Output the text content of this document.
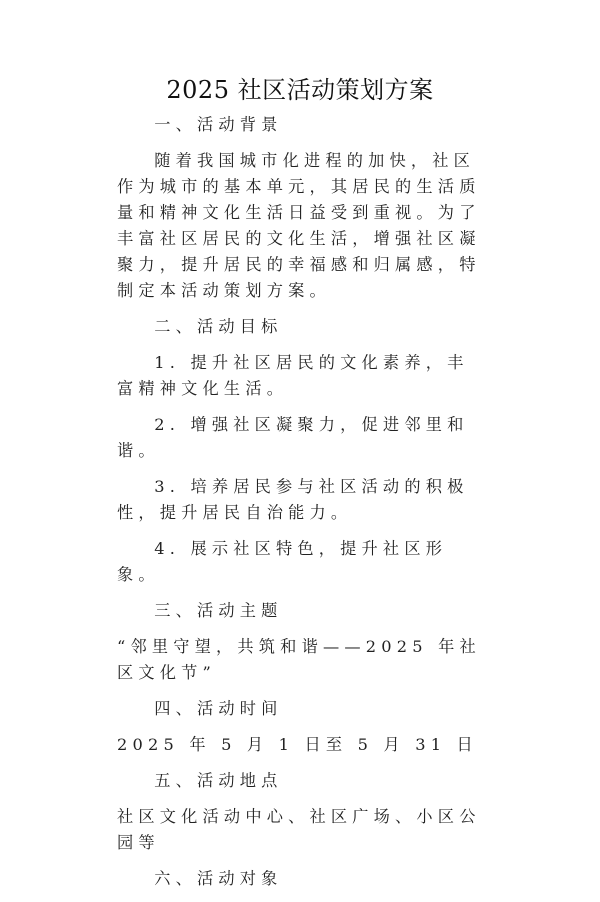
2025 社区活动策划方案

一、活动背景

随着我国城市化进程的加快，社区作为城市的基本单元，其居民的生活质量和精神文化生活日益受到重视。为了丰富社区居民的文化生活，增强社区凝聚力，提升居民的幸福感和归属感，特制定本活动策划方案。

二、活动目标

1. 提升社区居民的文化素养，丰富精神文化生活。

2. 增强社区凝聚力，促进邻里和谐。

3. 培养居民参与社区活动的积极性，提升居民自治能力。

4. 展示社区特色，提升社区形象。

三、活动主题

“邻里守望，共筑和谐——2025 年社区文化节”

四、活动时间

2025 年 5 月 1 日至 5 月 31 日

五、活动地点

社区文化活动中心、社区广场、小区公园等

六、活动对象
